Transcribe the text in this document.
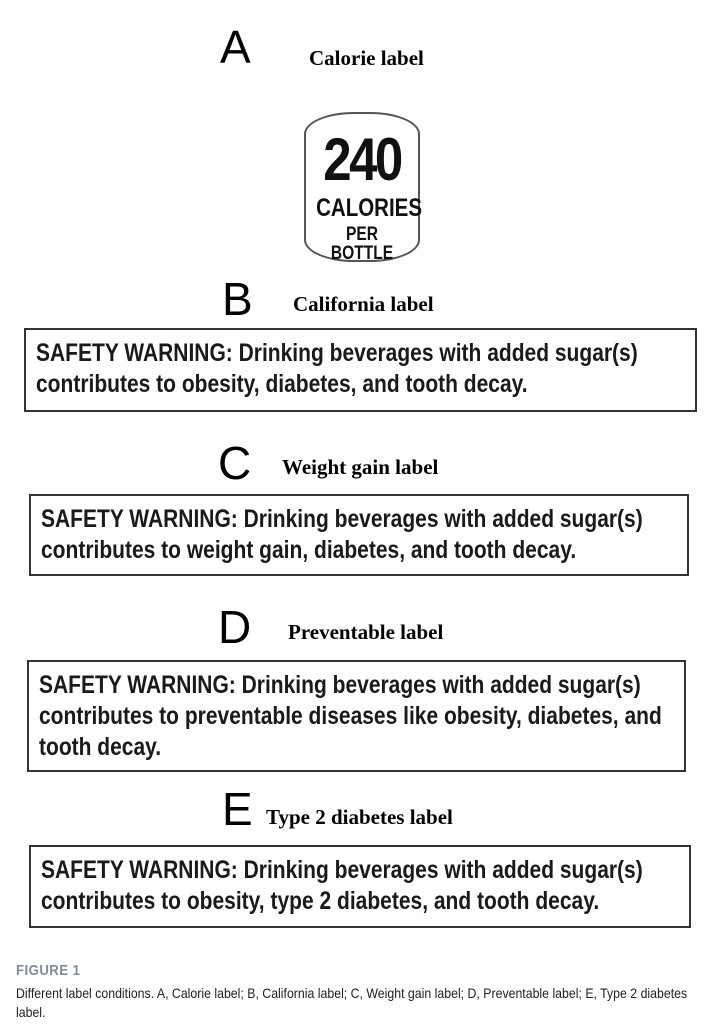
A	Calorie label
240
CALORIES
PER BOTTLE
B California label
SAFETY WARNING: Drinking beverages with added sugar(s) contributes to obesity, diabetes, and tooth decay.
C Weight gain label
SAFETY WARNING: Drinking beverages with added sugar(s) contributes to weight gain, diabetes, and tooth decay.
D Preventable label
SAFETY WARNING: Drinking beverages with added sugar(s) contributes to preventable diseases like obesity, diabetes, and tooth decay.
E Type 2 diabetes label
SAFETY WARNING: Drinking beverages with added sugar(s) contributes to obesity, type 2 diabetes, and tooth decay.
FIGURE 1
Different label conditions. A, Calorie label; B, California label; C, Weight gain label; D, Preventable label; E, Type 2 diabetes label.
